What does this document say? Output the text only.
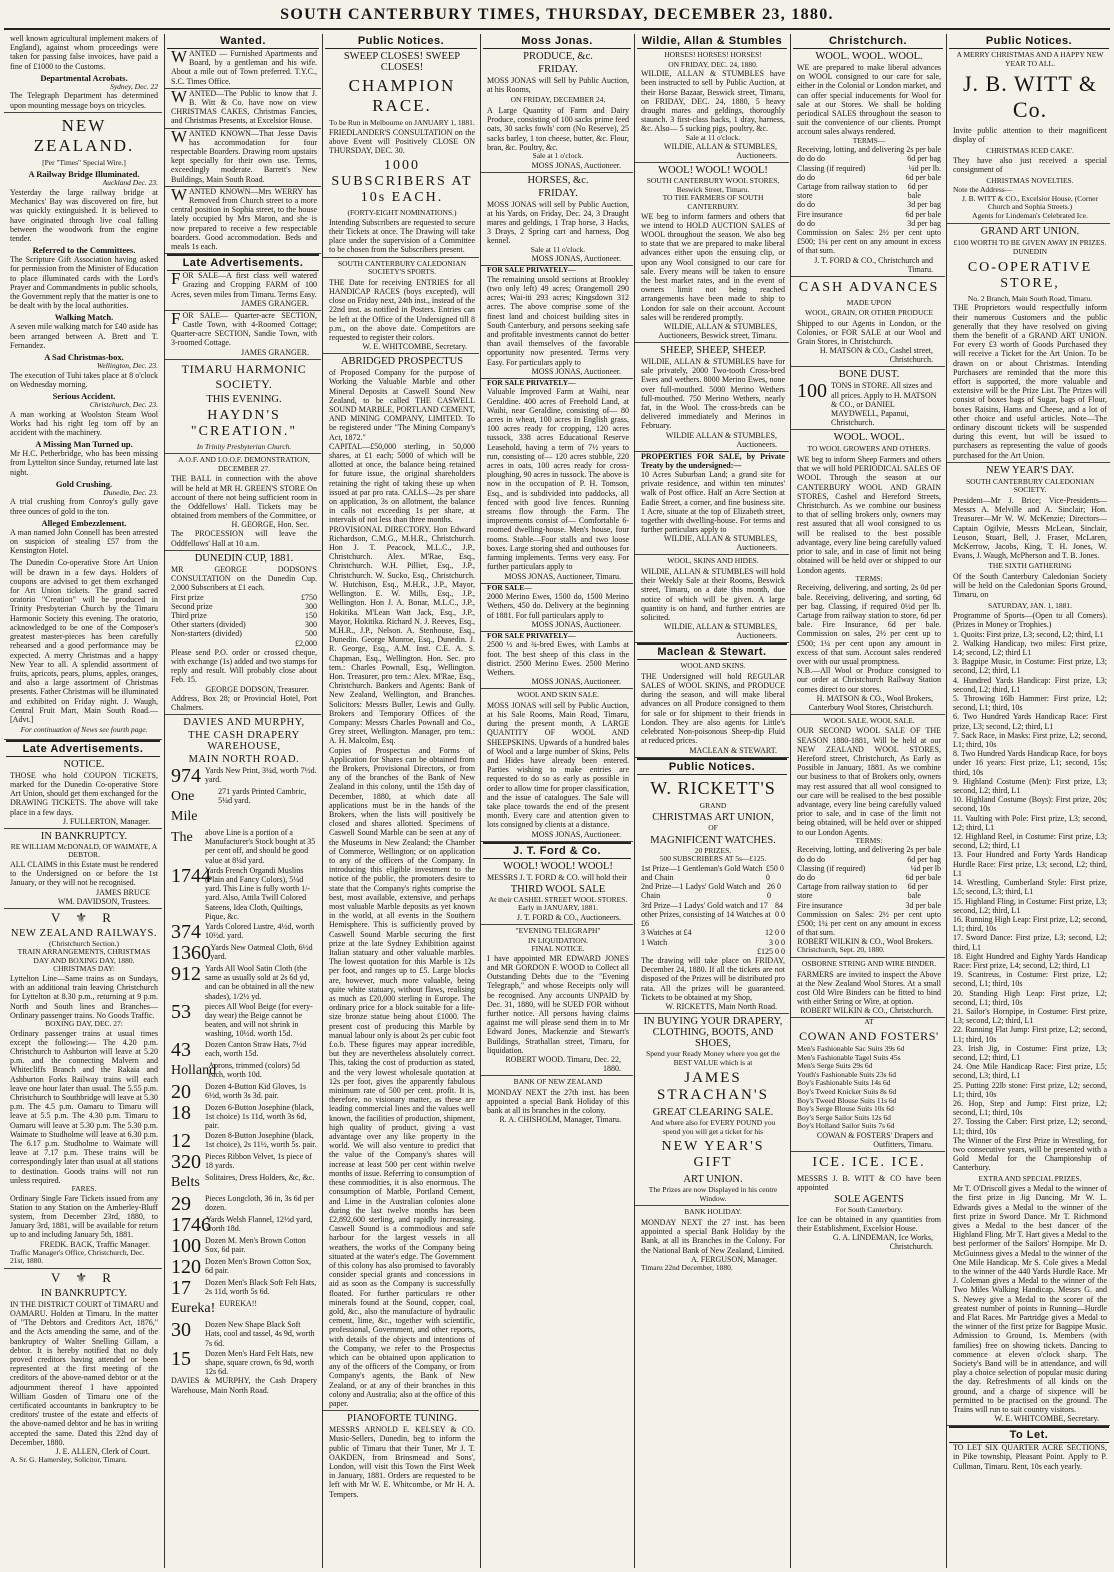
SOUTH CANTERBURY TIMES, THURSDAY, DECEMBER 23, 1880.

well known agricultural implement makers of England), against whom proceedings were taken for passing false invoices, have paid a fine of £1000 to the Customs.

Departmental Acrobats.
Sydney, Dec. 22

The Telegraph Department has determined upon mounting message boys on tricycles.

NEW ZEALAND.
[Per "Times" Special Wire.]
A Railway Bridge Illuminated.
Auckland Dec. 23.

Yesterday the large railway bridge at Mechanics' Bay was discovered on fire, but was quickly extinguished. It is believed to have originated through live coal falling between the woodwork from the engine tender.

Referred to the Committees.

The Scripture Gift Association having asked for permission from the Minister of Education to place illuminated cards with the Lord's Prayer and Commandments in public schools, the Government reply that the matter is one to be dealt with by the local authorities.

Walking Match.

A seven mile walking match for £40 aside has been arranged between A. Brett and T. Fernandez.

A Sad Christmas-box.
Wellington, Dec. 23.

The execution of Tuhi takes place at 8 o'clock on Wednesday morning.

Serious Accident.
Christchurch, Dec. 23.

A man working at Woolston Steam Wool Works had his right leg torn off by an accident with the machinery.

A Missing Man Turned up.

Mr H.C. Petherbridge, who has been missing from Lyttelton since Sunday, returned late last night.

Gold Crushing.
Dunedin, Dec. 23.

A trial crushing from Conroy's gully gave three ounces of gold to the ton.

Alleged Embezzlement.

A man named John Connell has been arrested on suspicion of stealing £57 from the Kensington Hotel.

The Dunedin Co-operative Store Art Union will be drawn in a few days. Holders of coupons are advised to get them exchanged for Art Union tickets. The grand sacred oratorio "Creation" will be produced in Trinity Presbyterian Church by the Timaru Harmonic Society this evening. The oratorio, acknowledged to be one of the Composer's greatest master-pieces has been carefully rehearsed and a good performance may be expected. A merry Christmas and a happy New Year to all. A splendid assortment of fruits, apricots, pears, plums, apples, oranges, and also a large assortment of Christmas presents. Father Christmas will be illuminated and exhibited on Friday night. J. Waugh, Central Fruit Mart, Main South Road.—[Advt.]

For continuation of News see fourth page.
Late Advertisements.
NOTICE.

THOSE who hold COUPON TICKETS, marked for the Dunedin Co-operative Store Art Union, should get them exchanged for the DRAWING TICKETS. The above will take place in a few days.

J. FULLERTON, Manager.
IN BANKRUPTCY.
RE WILLIAM McDONALD, OF WAIMATE, A DEBTOR.

ALL CLAIMS in this Estate must be rendered to the Undersigned on or before the 1st January, or they will not be recognised.

JAMES BRUCE
WM. DAVIDSON, Trustees.
V ⚜ R
NEW ZEALAND RAILWAYS.
(Christchurch Section.)
TRAIN ARRANGEMENTS, CHRISTMAS DAY AND BOXING DAY, 1880.
CHRISTMAS DAY:

Lyttelton Line—Same trains as on Sundays, with an additional train leaving Christchurch for Lyttelton at 8.30 p.m., returning at 9 p.m. North and South lines and Branches—Ordinary passenger trains. No Goods Traffic.

BOXING DAY, DEC. 27:

Ordinary passenger trains at usual times except the following:— The 4.20 p.m. Christchurch to Ashburton will leave at 5.20 p.m. and the connecting Malvern and Whitecliffs Branch and the Rakaia and Ashburton Forks Railway trains will each leave one hour later than usual. The 5.55 p.m. Christchurch to Southbridge will leave at 5.30 p.m. The 4.5 p.m. Oamaru to Timaru will leave at 5.5 p.m. The 4.30 p.m. Timaru to Oamaru will leave at 5.30 p.m. The 5.30 p.m. Waimate to Studholme will leave at 6.30 p.m. The 6.17 p.m. Studholme to Waimate will leave at 7.17 p.m. These trains will be correspondingly later than usual at all stations to destination. Goods trains will not run unless required.

FARES.

Ordinary Single Fare Tickets issued from any Station to any Station on the Amberley-Bluff system, from December 23rd, 1880, to January 3rd, 1881, will be available for return up to and including January 5th, 1881.

FREDK. BACK, Traffic Manager.
Traffic Manager's Office, Christchurch, Dec. 21st, 1880.
V ⚜ R
IN BANKRUPTCY.

IN THE DISTRICT COURT of TIMARU and OAMARU. Holden at Timaru. In the matter of "The Debtors and Creditors Act, 1876," and the Acts amending the same, and of the bankruptcy of Walter Snelling Gillam, a debtor. It is hereby notified that no duly proved creditors having attended or been represented at the first meeting of the creditors of the above-named debtor or at the adjournment thereof I have appointed William Gosden of Timaru one of the certificated accountants in bankruptcy to be creditors' trustee of the estate and effects of the above-named debtor and he has in writing accepted the same. Dated this 22nd day of December, 1880.

J. E. ALLEN, Clerk of Court.
A. Sr. G. Hamersley, Solicitor, Timaru.
Wanted.

WANTED — Furnished Apartments and Board, by a gentleman and his wife. About a mile out of Town preferred. T.Y.C., S.C. Times Office.

WANTED—The Public to know that J. B. Witt & Co. have now on view CHRISTMAS CAKES, Christmas Fancies, and Christmas Presents, at Excelsior House.

WANTED KNOWN—That Jesse Davis has accommodation for four respectable Boarders. Drawing room upstairs kept specially for their own use. Terms, exceedingly moderate. Barrett's New Buildings, Main South Road.

WANTED KNOWN—Mrs WERRY has Removed from Church street to a more central position in Sophia street, to the house lately occupied by Mrs Maron, and she is now prepared to receive a few respectable boarders. Good accommodation. Beds and meals 1s each.

Late Advertisements.

FOR SALE—A first class well watered Grazing and Cropping FARM of 100 Acres, seven miles from Timaru. Terms Easy.

JAMES GRANGER.

FOR SALE— Quarter-acre SECTION, Castle Town, with 4-Roomed Cottage; Quarter-acre SECTION, Sandie Town, with 3-roomed Cottage.

JAMES GRANGER.
TIMARU HARMONIC SOCIETY.
THIS EVENING.
HAYDN'S "CREATION."
In Trinity Presbyterian Church.
A.O.F. AND I.O.O.F. DEMONSTRATION, DECEMBER 27.

THE BALL in connection with the above will be held at MR H. GREEN'S STORE On account of there not being sufficient room in the Oddfellows' Hall. Tickets may be obtained from members of the Committee, or

H. GEORGE, Hon. Sec.

The PROCESSION will leave the Oddfellows' Hall at 10 a.m.

DUNEDIN CUP, 1881.

MR GEORGE DODSON'S CONSULTATION on the Dunedin Cup. 2,000 Subscribers at £1 each.

First prize	£750
Second prize	300
Third prize	150
Other starters (divided)	300
Non-starters (divided)	500
£2,000

Please send P.O. order or crossed cheque, with exchange (1s) added and two stamps for reply and result. Will probably close about Feb. 15.

GEORGE DODSON, Treasurer.

Address, Box 28; or Provincial Hotel, Port Chalmers.

DAVIES AND MURPHY,
THE CASH DRAPERY WAREHOUSE,
MAIN NORTH ROAD.
974 Yards New Print, 3¼d, worth 7½d. yard.
One Mile
271 yards Printed Cambric, 5¼d yard.
The	above Line is a portion of a Manufacturer's Stock bought at 35 per cent off, and should be good value at 8¼d yard.
1744
Yards French Organdi Muslins (Plain and Fancy Colors), 5¼d yard. This Line is fully worth 1/- yard. Also, Attila Twill Colored Sateens, Idea Cloth, Quiltings, Pique, &c.
374 Yards Colored Lustre, 4½d, worth 10½d. yard.
1360 Yards New Oatmeal Cloth, 6½d yard.
912 Yards All Wool Satin Cloth (the same as usually sold at 2s 6d yd, and can be obtained in all the new shades), 1/2½ yd.
53	pieces All Wool Beige (for every-day wear) the Beige cannot be beaten, and will not shrink in washing, 10½d. worth 15d.
43	Dozen Canton Straw Hats, 7½d each, worth 15d.
Holland
Aprons, trimmed (colors) 5d each, worth 10d.
20	Dozen 4-Button Kid Gloves, 1s 6½d, worth 3s 3d. pair.
18	Dozen 6-Button Josephine (black, 1st choice) 1s 11d, worth 3s 6d, pair.
12	Dozen 8-Button Josephine (black, 1st choice), 2s 11½, worth 5s. pair.
320 Pieces Ribbon Velvet, 1s piece of 18 yards.
Belts Solitaires, Dress Holders, &c, &c.
29	Pieces Longcloth, 36 in, 3s 6d per dozen.
1746
Yards Welsh Flannel, 12½d yard, worth 18d.
100 Dozen M. Men's Brown Cotton Sox, 6d pair.
120 Dozen Men's Brown Cotton Sox, 6d pair.
17	Dozen Men's Black Soft Felt Hats, 2s 11d, worth 5s 6d.
Eureka! EUREKA!!
30	Dozen New Shape Black Soft Hats, cool and tassel, 4s 9d, worth 7s 6d.
15	Dozen Men's Hard Felt Hats, new shape, square crown, 6s 9d, worth 12s 6d.

DAVIES & MURPHY, the Cash Drapery Warehouse, Main North Road.

Public Notices.
SWEEP CLOSES! SWEEP CLOSES!
CHAMPION RACE.
To be Run in Melbourne on JANUARY 1, 1881.

FRIEDLANDER'S CONSULTATION on the above Event will Positively CLOSE ON THURSDAY, DEC. 30.

1000 SUBSCRIBERS AT 10s EACH.
(FORTY-EIGHT NOMINATIONS.)

Intending Subscribers are requested to secure their Tickets at once. The Drawing will take place under the supervision of a Committee to be chosen from the Subscribers present.

SOUTH CANTERBURY CALEDONIAN SOCIETY'S SPORTS.

THE Date for receiving ENTRIES for all HANDICAP RACES (boys excepted), will close on Friday next, 24th inst., instead of the 22nd inst. as notified in Posters. Entries can be left at the Office of the Undersigned till 8 p.m., on the above date. Competitors are requested to register their colors.

W. E. WHITCOMBE, Secretary.
ABRIDGED PROSPECTUS

of Proposed Company for the purpose of Working the Valuable Marble and other Mineral Deposits at Caswell Sound New Zealand, to be called THE CASWELL SOUND MARBLE, PORTLAND CEMENT, AND MINING COMPANY, LIMITED. To be registered under "The Mining Company's Act, 1872."

CAPITAL—£50,000 sterling, in 50,000 shares, at £1 each; 5000 of which will be allotted at once, the balance being retained for future issue, the original shareholders retaining the right of taking these up when issued at par pro rata. CALLS—2s per share on application, 3s on allotment, the balance in calls not exceeding 1s per share, at intervals of not less than three months.

PROVISIONAL DIRECTORY. Hon Edward Richardson, C.M.G., M.H.R., Christchurch. Hon J. T. Peacock, M.L.C., J.P., Christchurch. Alex. M'Rae, Esq., Christchurch. W.H. Pilliet, Esq., J.P., Christchurch. W. Sucko, Esq., Christchurch. W. Hutchison, Esq., M.H.R., J.P., Mayor, Wellington. E. W. Mills, Esq., J.P., Wellington. Hon J. A. Bonar, M.L.C., J.P., Hokitika. M'Lean Watt Jack, Esq., J.P., Mayor, Hokitika. Richard N. J. Reeves, Esq., M.H.R., J.P., Nelson. A. Stenhouse, Esq., Dunedin. George Munroe, Esq., Dunedin. J. R. George, Esq., A.M. Inst. C.E. A. S. Chapman, Esq., Wellington. Hon. Sec. pro tem.: Charles Pownall, Esq., Wellington. Hon. Treasurer, pro tem.: Alex. M'Rae, Esq., Christchurch. Bankers and Agents: Bank of New Zealand, Wellington, and Branches. Solicitors: Messrs Buller, Lewis and Gully. Brokers and Temporary Offices of the Company: Messrs Charles Pownall and Co., Grey street, Wellington. Manager, pro tem.: A. H. Malcolm, Esq.

Copies of Prospectus and Forms of Application for Shares can be obtained from the Brokers, Provisional Directors, or from any of the branches of the Bank of New Zealand in this colony, until the 15th day of December, 1880, at which date all applications must be in the hands of the Brokers, when the lists will positively be closed and shares allotted. Specimens of Caswell Sound Marble can be seen at any of the Museums in New Zealand; the Chamber of Commerce, Wellington; or on application to any of the officers of the Company. In introducing this eligible investment to the notice of the public, the promoters desire to state that the Company's rights comprise the best, most available, extensive, and perhaps most valuable Marble deposits as yet known in the world, at all events in the Southern Hemisphere. This is sufficiently proved by Caswell Sound Marble securing the first prize at the late Sydney Exhibition against Italian statuary and other valuable marbles. The lowest quotation for this Marble is 12s per foot, and ranges up to £5. Large blocks are, however, much more valuable, being quite white statuary, without flaws, realising as much as £20,000 sterling in Europe. The ordinary price for a block suitable for a life-size bronze statue being about £1000. The present cost of producing this Marble by manual labour only is about 2s per cubic foot f.o.b. These figures may appear incredible, but they are nevertheless absolutely correct. This, taking the cost of production as stated, and the very lowest wholesale quotation at 12s per foot, gives the apparently fabulous minimum rate of 500 per cent. profit. It is, therefore, no visionary matter, as these are leading commercial lines and the values well known, the facilities of production, shipment, high quality of product, giving a vast advantage over any like property in the world. We will also venture to predict that the value of the Company's shares will increase at least 500 per cent within twelve months of issue. Referring to consumption of these commodities, it is also enormous. The consumption of Marble, Portland Cement, and Lime in the Australian colonies alone during the last twelve months has been £2,892,600 sterling, and rapidly increasing. Caswell Sound is a commodious and safe harbour for the largest vessels in all weathers, the works of the Company being situated at the water's edge. The Government of this colony has also promised to favorably consider special grants and concessions in aid as soon as the Company is successfully floated. For further particulars re other minerals found at the Sound, copper, coal, gold, &c., also the manufacture of hydraulic cement, lime, &c., together with scientific, professional, Government, and other reports, with details of the objects and intentions of the Company, we refer to the Prospectus which can be obtained upon application to any of the officers of the Company, or from Company's agents, the Bank of New Zealand, or at any of their branches in this colony and Australia; also at the office of this paper.

PIANOFORTE TUNING.

MESSRS ARNOLD E. KELSEY & CO. Music-Sellers, Dunedin, beg to inform the public of Timaru that their Tuner, Mr J. T. OAKDEN, from Brinsmead and Sons', London, will visit this Town the First Week in January, 1881. Orders are requested to be left with Mr W. E. Whitcombe, or Mr H. A. Tempers.

Moss Jonas.
PRODUCE, &c.
FRIDAY.

MOSS JONAS will Sell by Public Auction, at his Rooms,

ON FRIDAY, DECEMBER 24,

A Large Quantity of Farm and Dairy Produce, consisting of 100 sacks prime feed oats, 30 sacks fowls' corn (No Reserve), 25 sacks barley, 1 ton cheese, butter, &c. Flour, bran, &c. Poultry, &c.

Sale at 1 o'clock.
MOSS JONAS, Auctioneer.
HORSES, &c.
FRIDAY.

MOSS JONAS will sell by Public Auction, at his Yards, on Friday, Dec. 24, 3 Draught mares and geldings, 1 Trap horse, 3 Hacks, 3 Drays, 2 Spring cart and harness, Dog kennel.

Sale at 11 o'clock.
MOSS JONAS, Auctioneer.
FOR SALE PRIVATELY—

The remaining unsold sections at Brookley (two only left) 49 acres; Orangemoll 290 acres; Wai-iti 293 acres; Kingsdown 312 acres. The above comprise some of the finest land and choicest building sites in South Canterbury, and persons seeking safe and profitable investments cannot do better than avail themselves of the favorable opportunity now presented. Terms very Easy. For particulars apply to

MOSS JONAS, Auctioneer.
FOR SALE PRIVATELY—

Valuable Improved Farm at Waihi, near Geraldine. 400 acres of Freehold Land, at Waihi, near Geraldine, consisting of— 80 acres in wheat, 100 acres in English grass, 100 acres ready for cropping, 120 acres tussock, 338 acres Educational Reserve Leasehold, having a term of 7½ years to run, consisting of— 120 acres stubble, 220 acres in oats, 100 acres ready for cross-ploughing, 90 acres in tussock. The above is now in the occupation of P. H. Tomson, Esq., and is subdivided into paddocks, all fenced with good live fences. Running streams flow through the Farm. The improvements consist of— Comfortable 6-roomed dwelling-house. Men's house, four rooms. Stable—Four stalls and two loose boxes. Large storing shed and outhouses for farming implements. Terms very easy. For further particulars apply to

MOSS JONAS, Auctioneer, Timaru.
FOR SALE—

2000 Merino Ewes, 1500 do, 1500 Merino Wethers, 450 do. Delivery at the beginning of 1881. For full particulars apply to

MOSS JONAS, Auctioneer.
FOR SALE PRIVATELY—

2500 ½ and ¾-bred Ewes, with Lambs at foot. The best sheep of this class in the district. 2500 Merino Ewes. 2500 Merino Wethers.

MOSS JONAS, Auctioneer.
WOOL AND SKIN SALE.

MOSS JONAS will sell by Public Auction, at his Sale Rooms, Main Road, Timaru, during the present month, A LARGE QUANTITY OF WOOL AND SHEEPSKINS. Upwards of a hundred bales of Wool and a large number of Skins, Pelts and Hides have already been entered. Parties wishing to make entries are requested to do so as early as possible in order to allow time for proper classification, and the issue of catalogues. The Sale will take place towards the end of the present month. Every care and attention given to lots consigned by clients at a distance.

MOSS JONAS, Auctioneer.
J. T. Ford & Co.
WOOL! WOOL! WOOL!

MESSRS J. T. FORD & CO. will hold their

THIRD WOOL SALE
At their CASHEL STREET WOOL STORES. Early in JANUARY, 1881.
J. T. FORD & CO., Auctioneers.
"EVENING TELEGRAPH"
IN LIQUIDATION.
FINAL NOTICE.

I have appointed MR EDWARD JONES and MR GORDON F. WOOD to Collect all Outstanding Debts due to the "Evening Telegraph," and whose Receipts only will be recognised. Any accounts UNPAID by Dec. 31, 1880, will be SUED FOR without further notice. All persons having claims against me will please send them in to Mr Edward Jones, Mackenzie and Stewart's Buildings, Strathallan street, Timaru, for liquidation.

ROBERT WOOD. Timaru, Dec. 22, 1880.
BANK OF NEW ZEALAND

MONDAY NEXT the 27th inst. has been appointed a special Bank Holiday of this bank at all its branches in the colony.

R. A. CHISHOLM, Manager, Timaru.
Wildie, Allan & Stumbles
HORSES! HORSES! HORSES!
ON FRIDAY, DEC. 24, 1880.

WILDIE, ALLAN & STUMBLES have been instructed to sell by Public Auction, at their Horse Bazaar, Beswick street, Timaru, on FRIDAY, DEC. 24, 1880, 5 heavy draught mares and geldings, thoroughly staunch. 3 first-class hacks, 1 dray, harness, &c. Also— 5 sucking pigs, poultry, &c.

Sale at 11 o'clock.
WILDIE, ALLAN & STUMBLES, Auctioneers.
WOOL! WOOL! WOOL!
SOUTH CANTERBURY WOOL STORES, Beswick Street, Timaru.
TO THE FARMERS OF SOUTH CANTERBURY.

WE beg to inform farmers and others that we intend to HOLD AUCTION SALES of WOOL throughout the season. We also beg to state that we are prepared to make liberal advances either upon the ensuing clip, or upon any Wool consigned to our care for sale. Every means will be taken to ensure the best market rates, and in the event of owners limit not being reached arrangements have been made to ship to London for sale on their account. Account sales will be rendered promptly.

WILDIE, ALLAN & STUMBLES, Auctioneers, Beswick street, Timaru.
SHEEP, SHEEP, SHEEP.

WILDIE, ALLAN & STUMBLES have for sale privately, 2000 Two-tooth Cross-bred Ewes and wethers. 8000 Merino Ewes, none over full-mouthed. 5000 Merino Wethers full-mouthed. 750 Merino Wethers, nearly fat, in the Wool. The cross-breds can be delivered immediately and Merinos in February.

WILDIE ALLAN & STUMBLES, Auctioneers.

PROPERTIES FOR SALE, by Private Treaty by the undersigned:—

10 Acres Suburban Land; a grand site for private residence, and within ten minutes' walk of Post office. Half an Acre Section at Eadie Street, a corner, and fine business site. 1 Acre, situate at the top of Elizabeth street, together with dwelling-house. For terms and further particulars apply to

WILDIE, ALLAN & STUMBLES, Auctioneers.
WOOL, SKINS AND HIDES.

WILDIE, ALLAN & STUMBLES will hold their Weekly Sale at their Rooms, Beswick street, Timaru, on a date this month, due notice of which will be given. A large quantity is on hand, and further entries are solicited.

WILDIE, ALLAN & STUMBLES, Auctioneers.
Maclean & Stewart.
WOOL AND SKINS.

THE Undersigned will hold REGULAR SALES of WOOL SKINS, and PRODUCE during the season, and will make liberal advances on all Produce consigned to them for sale or for shipment to their friends in London. They are also agents for Little's celebrated Non-poisonous Sheep-dip Fluid at reduced prices.

MACLEAN & STEWART.
Public Notices.
W. RICKETT'S
GRAND
CHRISTMAS ART UNION,
OF
MAGNIFICENT WATCHES.
20 PRIZES.
500 SUBSCRIBERS AT 5s—£125.
1st Prize—1 Gentleman's Gold Watch and Chain
£50 0 0
2nd Prize—1 Ladys' Gold Watch and Chain
26 0 0
3rd Prize—1 Ladys' Gold watch and 17 other Prizes, consisting of 14 Watches at £6
84 0 0
3 Watches at £4	12 0 0
1 Watch	3 0 0
£125 0 0

The drawing will take place on FRIDAY, December 24, 1880. If all the tickets are not disposed of the Prizes will be distributed pro rata. All the prizes will be guaranteed. Tickets to be obtained at my Shop,

W. RICKETTS, Main North Road.
IN BUYING YOUR DRAPERY, CLOTHING, BOOTS, AND SHOES,
Spend your Ready Money where you get the BEST VALUE which is at
JAMES STRACHAN'S
GREAT CLEARING SALE.
And where also for EVERY POUND you spend you will get a ticket for his
NEW YEAR'S GIFT
ART UNION.
The Prizes are now Displayed in his centre Window.
BANK HOLIDAY.

MONDAY NEXT the 27 inst. has been appointed a special Bank Holiday by the Bank, at all its Branches in the Colony. For the National Bank of New Zealand, Limited.

A. FERGUSON, Manager.
Timaru 22nd December, 1880.
Christchurch.
WOOL. WOOL. WOOL.

WE are prepared to make liberal advances on WOOL consigned to our care for sale, either in the Colonial or London market, and can offer special inducements for Wool for sale at our Stores. We shall be holding periodical SALES throughout the season to suit the convenience of our clients. Prompt account sales always rendered.

TERMS—
Receiving, lotting, and delivering 2s per bale
do do do	6d per bag
Classing (if required)	¼d per lb.
do do	6d per bale
Cartage from railway station to store
6d per bale
do do	3d per bag
Fire insurance	6d per bale
do do	3d per bag

Commission on Sales: 2½ per cent upto £500; 1¼ per cent on any amount in excess of that sum.

J. T. FORD & CO., Christchurch and Timaru.
CASH ADVANCES
MADE UPON
WOOL, GRAIN, OR OTHER PRODUCE

Shipped to our Agents in London, or the Colonies, or FOR SALE at our Wool and Grain Stores, in Christchurch.

H. MATSON & CO., Cashel street, Christchurch.
BONE DUST.
100 TONS in STORE. All sizes and all prices. Apply to H. MATSON & CO., or DANIEL MAYDWELL, Papanui, Christchurch.
WOOL. WOOL.
TO WOOL GROWERS AND OTHERS.

WE beg to inform Sheep Farmers and others that we will hold PERIODICAL SALES OF WOOL Through the season at our CANTERBURY WOOL AND GRAIN STORES, Cashel and Hereford Streets, Christchurch. As we combine our business to that of selling brokers only, owners may rest assured that all wool consigned to us will be realised to the best possible advantage, every line being carefully valued prior to sale, and in case of limit not being obtained will be held over or shipped to our London agents.

TERMS:

Receiving, delivering, and sorting, 2s 0d per bale. Receiving, delivering, and sorting, 6d per bag. Classing, if required 0½d per lb. Cartage from railway station to store, 6d per bale. Fire Insurance, 6d per bale. Commission on sales, 2½ per cent up to £500; 1¼ per cent upon any amount in excess of that sum. Account sales rendered over with our usual promptness.

N.B.—All Wool or Produce consigned to our order at Christchurch Railway Station comes direct to our stores.

H. MATSON & CO., Wool Brokers, Canterbury Wool Stores, Christchurch.
WOOL SALE. WOOL SALE.

OUR SECOND WOOL SALE OF THE SEASON 1880-1881, Will be held at our NEW ZEALAND WOOL STORES, Hereford street, Christchurch, As Early as Possible in January, 1881. As we combine our business to that of Brokers only, owners may rest assured that all wool consigned to our care will be realised to the best possible advantage, every line being carefully valued prior to sale, and in case of the limit not being obtained, will be held over or shipped to our London Agents.

TERMS:
Receiving, lotting, and delivering 2s per bale
do do do	6d per bag
Classing (if required)	¼d per lb
do do	6d per bale
Cartage from railway station to store
6d per bale
Fire insurance	3d per bale

Commission on Sales: 2½ per cent upto £500; 1¼ per cent on any amount in excess of that sum.

ROBERT WILKIN & CO., Wool Brokers.
Christchurch, Sept. 20, 1880.
OSBORNE STRING AND WIRE BINDER.

FARMERS are invited to inspect the Above at the New Zealand Wool Stores. At a small cost Old Wire Binders can be fitted to bind with either String or Wire, at option.

ROBERT WILKIN & CO., Christchurch.
AT
COWAN AND FOSTERS'
Men's Fashionable Sac Suits 39s 6d
Men's Fashionable Tagel Suits 45s
Men's Serge Suits 29s 6d
Youth's Fashionable Suits 23s 6d
Boy's Fashionable Suits 14s 6d
Boy's Tweed Knicker Suits 8s 6d
Boy's Tweed Blouse Suits 11s 6d
Boy's Serge Blouse Suits 10s 6d
Boy's Serge Sailor Suits 12s 6d
Boy's Holland Sailor Suits 7s 6d
COWAN & FOSTERS' Drapers and Outfitters, Timaru.
ICE. ICE. ICE.

MESSRS J. B. WITT & CO have been appointed

SOLE AGENTS
For South Canterbury.

Ice can be obtained in any quantities from their Establishment, Excelsior House.

G. A. LINDEMAN, Ice Works, Christchurch.
Public Notices.
A MERRY CHRISTMAS AND A HAPPY NEW YEAR TO ALL.
J. B. WITT & Co.

Invite public attention to their magnificent display of

CHRISTMAS ICED CAKE'.

They have also just received a special consignment of

CHRISTMAS NOVELTIES.
Note the Address—
J. B. WITT & CO., Excelsior House, (Corner Church and Sophia Streets.)
Agents for Lindeman's Celebrated Ice.
GRAND ART UNION.
£100 WORTH TO BE GIVEN AWAY IN PRIZES.
DUNEDIN
CO-OPERATIVE STORE,
No. 2 Branch, Main South Road, Timaru.

THE Proprietors would respectfully inform their numerous Customers and the public generally that they have resolved on giving them the benefit of a GRAND ART UNION. For every £3 worth of Goods Purchased they will receive a Ticket for the Art Union. To be drawn on or about Christmas. Intending Purchasers are reminded that the more this effort is supported, the more valuable and extensive will be the Prize List. The Prizes will consist of boxes bags of Sugar, bags of Flour, boxes Raisins, Hams and Cheese, and a lot of other choice and useful articles. Note—The ordinary discount tickets will be suspended during this event, but will be issued to purchasers as representing the value of goods purchased for the Art Union.

NEW YEAR'S DAY.
SOUTH CANTERBURY CALEDONIAN SOCIETY.

President—Mr J. Brice; Vice-Presidents—Messrs A. Melville and A. Sinclair; Hon. Treasurer—Mr W. W. McKenzie; Directors—Captain Ogilvie, Messrs McLean, Sinclair, Leuson, Stuart, Bell, J. Fraser, McLaren, McKerrow, Jacobs, King, T. H. Jones, W. Evans, J. Waugh, McPherson and T. B. Jones.

THE SIXTH GATHERING

Of the South Canterbury Caledonian Society will be held on the Caledonian Sports Ground, Timaru, on

SATURDAY, JAN. 1, 1881.

Programme of Sports—(Open to all Comers). (Prizes in Money or Trophies.)

1. Quoits: First prize, L3; second, L2; third, L1
2. Walking Handicap, two miles: First prize, L4; second, L2; third L1
3. Bagpipe Music, in Costume: First prize, L3; second, L2; third, L1
4. Hundred Yards Handicap: First prize, L3; second, L2; third, L1
5. Throwing 16lb Hammer: First prize, L2; second, L1; third, 10s
6. Two Hundred Yards Handicap Race: First prize, L3; second, L2; third, L1
7. Sack Race, in Masks: First prize, L2; second, L1; third, 10s
8. Two Hundred Yards Handicap Race, for boys under 16 years: First prize, L1; second, 15s; third, 10s
9. Highland Costume (Men): First prize, L3; second, L2; third, L1
10. Highland Costume (Boys): First prize, 20s; second, 10s
11. Vaulting with Pole: First prize, L3; second, L2; third, L1
12. Highland Reel, in Costume: First prize, L3; second, L2; third, L1
13. Four Hundred and Forty Yards Handicap Hurdle Race: First prize, L3; second, L2; third, L1
14. Wrestling, Cumberland Style: First prize, L5; second, L3; third, L1
15. Highland Fling, in Costume: First prize, L3; second, L2; third, L1
16. Running High Leap: First prize, L2; second, L1; third, 10s
17. Sword Dance: First prize, L3; second, L2; third, L1
18. Eight Hundred and Eighty Yards Handicap Race: First prize, L4; second, L2; third, L1
19. Scantreus, in Costume: First prize, L2; second, L1; third, 10s
20. Standing High Leap: First prize, L2; second, L1; third, 10s
21. Sailor's Hornpipe, in Costume: First prize, L3; second, L2; third, L1
22. Running Flat Jump: First prize, L2; second, L1; third, 10s
23. Irish Jig, in Costume: First prize, L3; second, L2; third, L1
24. One Mile Handicap Race: First prize, L5; second, L3; third, L1
25. Putting 22lb stone: First prize, L2; second, L1; third, 10s
26. Hop, Step and Jump: First prize, L2; second, L1; third, 10s
27. Tossing the Caber: First prize, L2; second, L1; third, 10s

The Winner of the First Prize in Wrestling, for two consecutive years, will be presented with a Gold Medal for the Championship of Canterbury.

EXTRA AND SPECIAL PRIZES.

Mr T. O'Driscoll gives a Medal to the winner of the first prize in Jig Dancing. Mr W. L. Edwards gives a Medal to the winner of the first prize in Sword Dance. Mr T. Richmond gives a Medal to the best dancer of the Highland Fling. Mr T. Hart gives a Medal to the best performer of the Sailors' Hornpipe. Mr D. McGuinness gives a Medal to the winner of the One Mile Handicap. Mr S. Cole gives a Medal to the winner of the 440 Yards Hurdle Race. Mr J. Coleman gives a Medal to the winner of the Two Miles Walking Handicap. Messrs G. and S. Newey give a Medal to the scorer of the greatest number of points in Running—Hurdle and Flat Races. Mr Partridge gives a Medal to the winner of the first prize for Bagpipe Music. Admission to Ground, 1s. Members (with families) free on showing tickets. Dancing to commence at eleven o'clock sharp. The Society's Band will be in attendance, and will play a choice selection of popular music during the day. Refreshments of all kinds on the ground, and a charge of sixpence will be permitted to be practised on the ground. The Trains will run to suit country visitors.

W. E. WHITCOMBE, Secretary.
To Let.

TO LET SIX QUARTER ACRE SECTIONS, in Pike township, Pleasant Point. Apply to P. Cullman, Timaru. Rent, 10s each yearly.
